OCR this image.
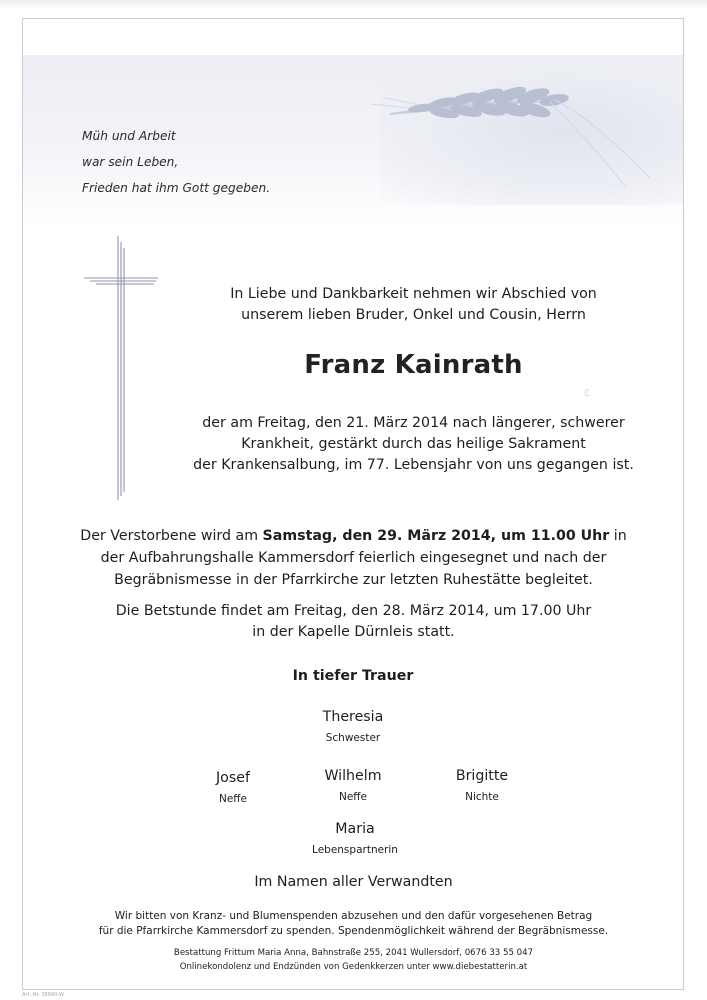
Müh und Arbeit
war sein Leben,
Frieden hat ihm Gott gegeben.
In Liebe und Dankbarkeit nehmen wir Abschied von
unserem lieben Bruder, Onkel und Cousin, Herrn
Franz Kainrath
ℂ
der am Freitag, den 21. März 2014 nach längerer, schwerer
Krankheit, gestärkt durch das heilige Sakrament
der Krankensalbung, im 77. Lebensjahr von uns gegangen ist.
Der Verstorbene wird am Samstag, den 29. März 2014, um 11.00 Uhr in
der Aufbahrungshalle Kammersdorf feierlich eingesegnet und nach der
Begräbnismesse in der Pfarrkirche zur letzten Ruhestätte begleitet.
Die Betstunde findet am Freitag, den 28. März 2014, um 17.00 Uhr
in der Kapelle Dürnleis statt.
In tiefer Trauer
Theresia
Schwester
Josef
Neffe
Wilhelm
Neffe
Brigitte
Nichte
Maria
Lebenspartnerin
Im Namen aller Verwandten
Wir bitten von Kranz- und Blumenspenden abzusehen und den dafür vorgesehenen Betrag
für die Pfarrkirche Kammersdorf zu spenden. Spendenmöglichkeit während der Begräbnismesse.
Bestattung Frittum Maria Anna, Bahnstraße 255, 2041 Wullersdorf, 0676 33 55 047
Onlinekondolenz und Endzünden von Gedenkkerzen unter www.diebestatterin.at
Art.-Nr. 38990-W
